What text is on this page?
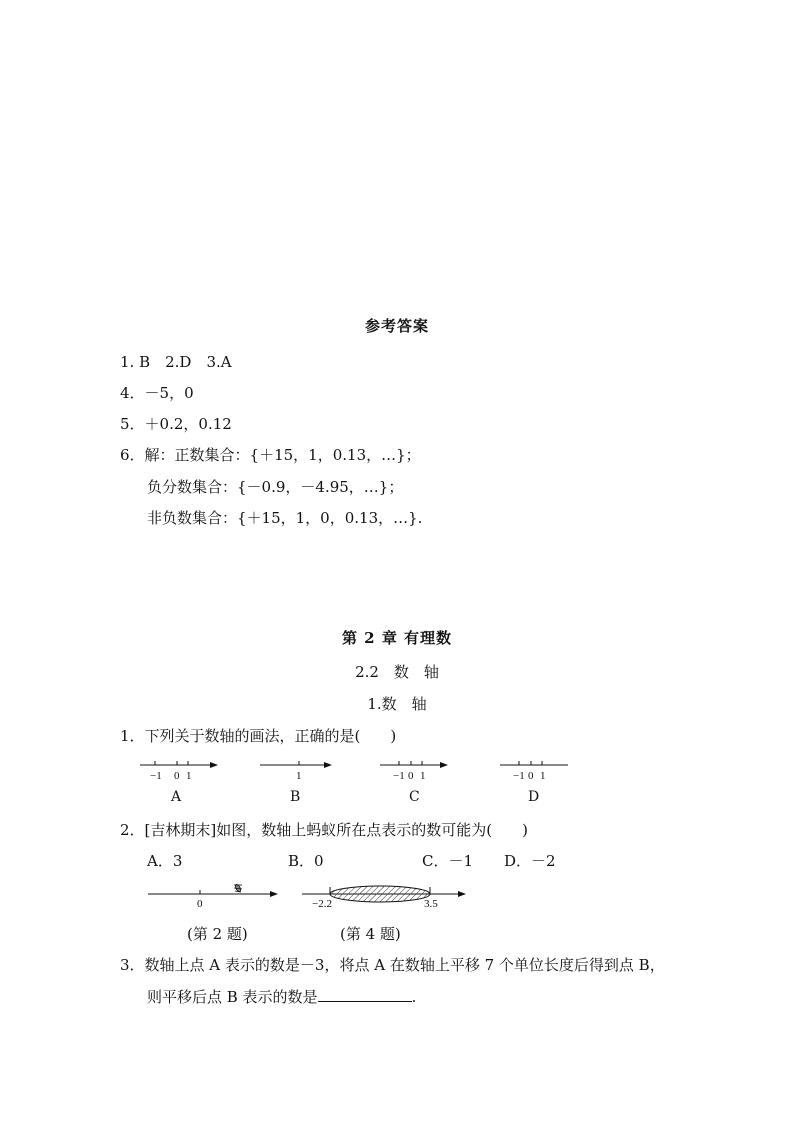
参考答案
1. B　2.D　3.A
4．－5，0
5．＋0.2，0.12
6．解：正数集合：{＋15，1，0.13，…}；
负分数集合：{－0.9，－4.95，…}；
非负数集合：{＋15，1，0，0.13，…}.
第 2 章 有理数
2.2　数　轴
1.数　轴
1．下列关于数轴的画法，正确的是(　　)
−1 0 1	1	−1 0 1	−1 0 1
A	B	C	D
2．[吉林期末]如图，数轴上蚂蚁所在点表示的数可能为(　　)
A．3	B．0	C．－1 D．－2
0	−2.2	3.5
(第 2 题)	(第 4 题)
3．数轴上点 A 表示的数是－3，将点 A 在数轴上平移 7 个单位长度后得到点 B，
则平移后点 B 表示的数是	.
